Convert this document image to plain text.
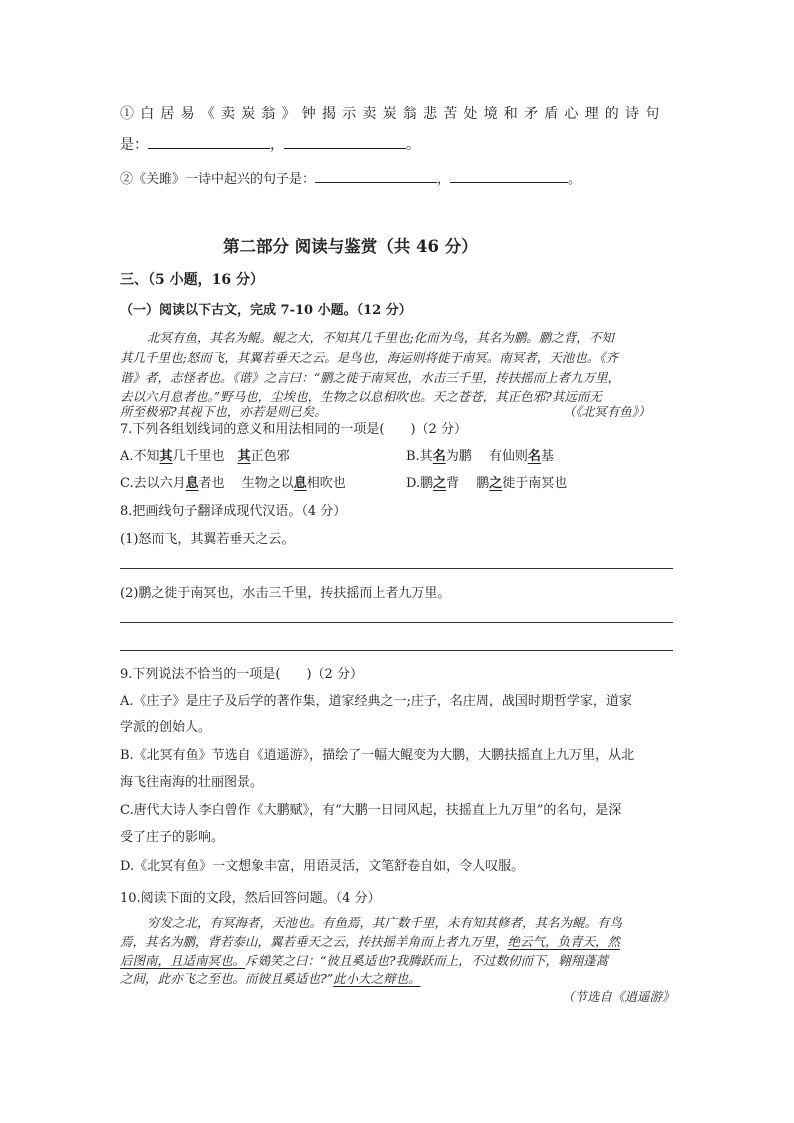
①白居易《卖炭翁》钟揭示卖炭翁悲苦处境和矛盾心理的诗句
是：	，	。
②《关雎》一诗中起兴的句子是：	，	。
第二部分 阅读与鉴赏（共 46 分）
三、（5 小题，16 分）
（一）阅读以下古文，完成 7-10 小题。（12 分）
北冥有鱼，其名为鲲。鲲之大，不知其几千里也;化而为鸟，其名为鹏。鹏之背，不知
其几千里也;怒而飞，其翼若垂天之云。是鸟也，海运则将徙于南冥。南冥者，天池也。《齐
谐》者，志怪者也。《谐》之言曰：“鹏之徙于南冥也，水击三千里，抟扶摇而上者九万里，
去以六月息者也。”野马也，尘埃也，生物之以息相吹也。天之苍苍，其正色邪?其远而无
所至极邪?其视下也，亦若是则已矣。	（《北冥有鱼》）
7.下列各组划线词的意义和用法相同的一项是(　　)（2 分）
A.不知其几千里也　其正色邪	B.其名为鹏　 有仙则名基
C.去以六月息者也　 生物之以息相吹也	D.鹏之背　 鹏之徙于南冥也
8.把画线句子翻译成现代汉语。（4 分）
(1)怒而飞，其翼若垂天之云。
(2)鹏之徙于南冥也，水击三千里，抟扶摇而上者九万里。
9.下列说法不恰当的一项是(　　)（2 分）
A.《庄子》是庄子及后学的著作集，道家经典之一;庄子，名庄周，战国时期哲学家，道家
学派的创始人。
B.《北冥有鱼》节选自《逍遥游》，描绘了一幅大鲲变为大鹏，大鹏扶摇直上九万里，从北
海飞往南海的壮丽图景。
C.唐代大诗人李白曾作《大鹏赋》，有“大鹏一日同风起，扶摇直上九万里”的名句，是深
受了庄子的影响。
D.《北冥有鱼》一文想象丰富，用语灵活，文笔舒卷自如，令人叹服。
10.阅读下面的文段，然后回答问题。（4 分）
穷发之北，有冥海者，天池也。有鱼焉，其广数千里，未有知其修者，其名为鲲。有鸟
焉，其名为鹏，背若泰山，翼若垂天之云，抟扶摇羊角而上者九万里，绝云气，负青天，然
后图南，且适南冥也。斥鴳笑之曰：“彼且奚适也?我腾跃而上，不过数仞而下，翱翔蓬蒿
之间，此亦飞之至也。而彼且奚适也?”此小大之辩也。
（节选自《逍遥游》
